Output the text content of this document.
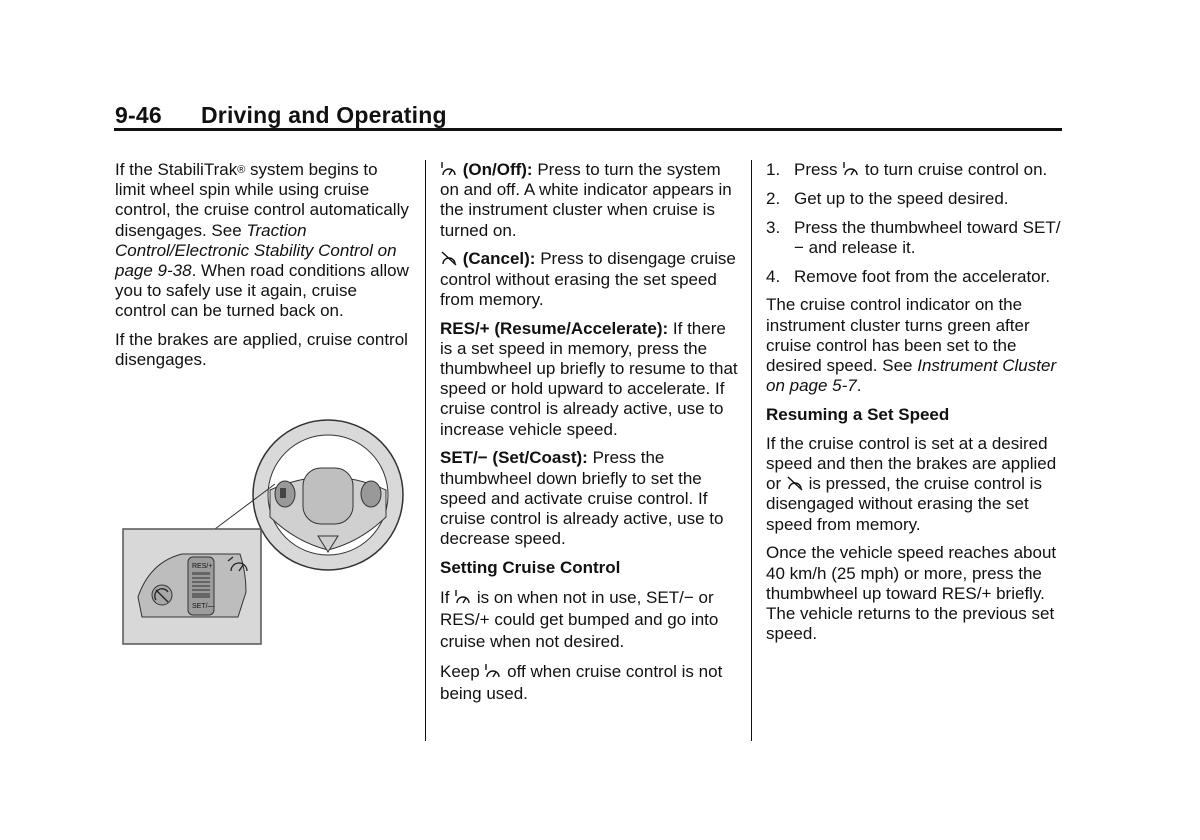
9-46 Driving and Operating

If the StabiliTrak® system begins to limit wheel spin while using cruise control, the cruise control automatically disengages. See Traction Control/Electronic Stability Control on page 9-38. When road conditions allow you to safely use it again, cruise control can be turned back on.

If the brakes are applied, cruise control disengages.

RES/+
SET/—

(On/Off): Press to turn the system on and off. A white indicator appears in the instrument cluster when cruise is turned on.

(Cancel): Press to disengage cruise control without erasing the set speed from memory.

RES/+ (Resume/Accelerate): If there is a set speed in memory, press the thumbwheel up briefly to resume to that speed or hold upward to accelerate. If cruise control is already active, use to increase vehicle speed.

SET/− (Set/Coast): Press the thumbwheel down briefly to set the speed and activate cruise control. If cruise control is already active, use to decrease speed.

Setting Cruise Control

If  is on when not in use, SET/− or RES/+ could get bumped and go into cruise when not desired.

Keep  off when cruise control is not being used.

1. Press  to turn cruise control on.
2. Get up to the speed desired.
3. Press the thumbwheel toward SET/− and release it.
4. Remove foot from the accelerator.

The cruise control indicator on the instrument cluster turns green after cruise control has been set to the desired speed. See Instrument Cluster on page 5-7.

Resuming a Set Speed

If the cruise control is set at a desired speed and then the brakes are applied or  is pressed, the cruise control is disengaged without erasing the set speed from memory.

Once the vehicle speed reaches about 40 km/h (25 mph) or more, press the thumbwheel up toward RES/+ briefly. The vehicle returns to the previous set speed.
